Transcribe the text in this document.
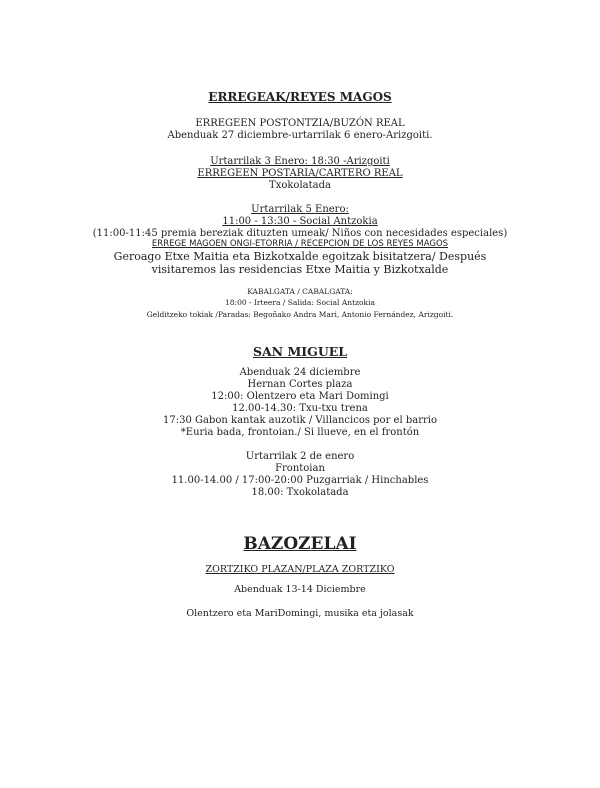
ERREGEAK/REYES MAGOS
ERREGEEN POSTONTZIA/BUZÓN REAL
Abenduak 27 diciembre-urtarrilak 6 enero-Arizgoiti.
Urtarrilak 3 Enero: 18:30 -Arizgoiti
ERREGEEN POSTARIA/CARTERO REAL
Txokolatada
Urtarrilak 5 Enero:
11:00 - 13:30 - Social Antzokia
(11:00-11:45 premia bereziak dituzten umeak/ Niños con necesidades especiales)
ERREGE MAGOEN ONGI-ETORRIA / RECEPCION DE LOS REYES MAGOS
Geroago Etxe Maitia eta Bizkotxalde egoitzak bisitatzera/ Después
visitaremos las residencias Etxe Maitia y Bizkotxalde
KABALGATA / CABALGATA:
18:00 - Irteera / Salida: Social Antzokia
Gelditzeko tokiak /Paradas: Begoñako Andra Mari, Antonio Fernández, Arizgoiti.
SAN MIGUEL
Abenduak 24 diciembre
Hernan Cortes plaza
12:00: Olentzero eta Mari Domingi
12.00-14.30: Txu-txu trena
17:30 Gabon kantak auzotik / Villancicos por el barrio
*Euria bada, frontoian./ Si llueve, en el frontón
Urtarrilak 2 de enero
Frontoian
11.00-14.00 / 17:00-20:00 Puzgarriak / Hinchables
18.00: Txokolatada
BAZOZELAI
ZORTZIKO PLAZAN/PLAZA ZORTZIKO
Abenduak 13-14 Diciembre
Olentzero eta MariDomingi, musika eta jolasak
